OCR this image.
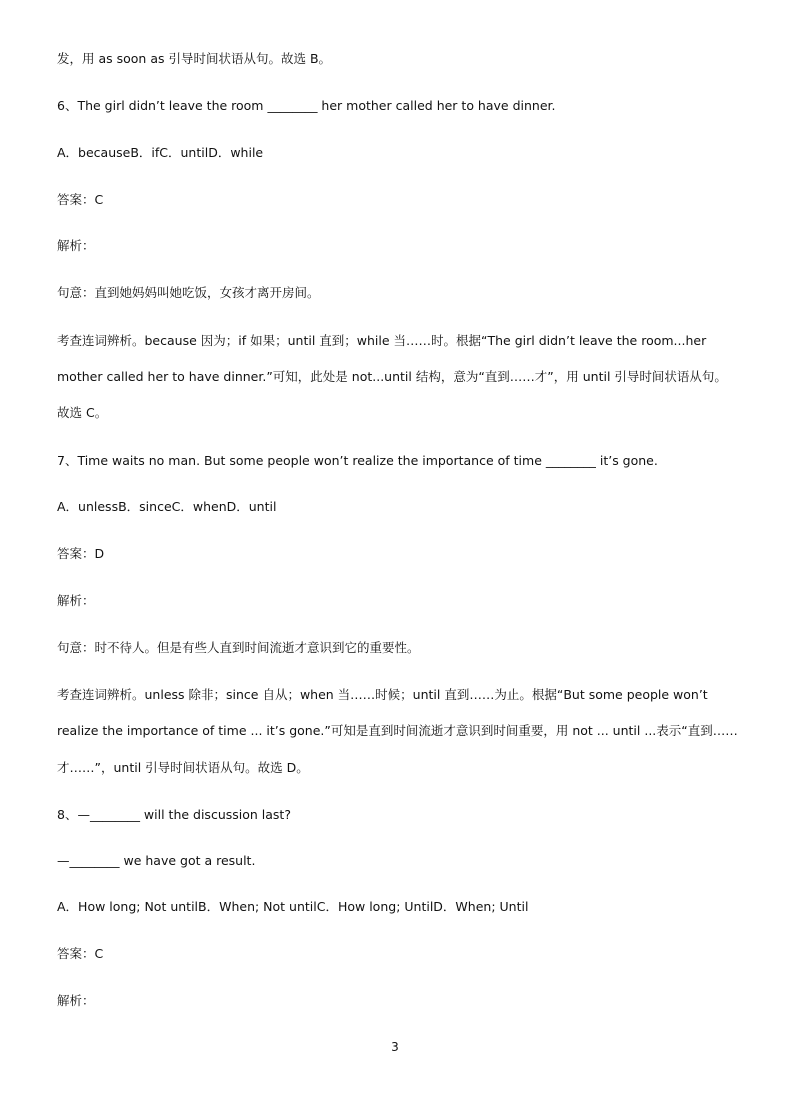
发，用 as soon as 引导时间状语从句。故选 B。
6、The girl didn’t leave the room ________ her mother called her to have dinner.
A．becauseB．ifC．untilD．while
答案：C
解析：
句意：直到她妈妈叫她吃饭，女孩才离开房间。
考查连词辨析。because 因为；if 如果；until 直到；while 当……时。根据“The girl didn’t leave the room...her
mother called her to have dinner.”可知，此处是 not...until 结构，意为“直到……才”，用 until 引导时间状语从句。
故选 C。
7、Time waits no man. But some people won’t realize the importance of time ________ it’s gone.
A．unlessB．sinceC．whenD．until
答案：D
解析：
句意：时不待人。但是有些人直到时间流逝才意识到它的重要性。
考查连词辨析。unless 除非；since 自从；when 当……时候；until 直到……为止。根据“But some people won’t
realize the importance of time ... it’s gone.”可知是直到时间流逝才意识到时间重要，用 not ... until ...表示“直到……
才……”，until 引导时间状语从句。故选 D。
8、—________ will the discussion last?
—________ we have got a result.
A．How long; Not untilB．When; Not untilC．How long; UntilD．When; Until
答案：C
解析：
3
